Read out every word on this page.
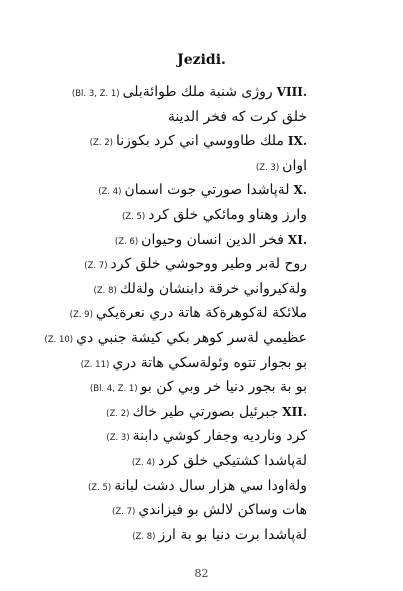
Jezidi.
VIII.روژی شنبة ملك طوائةبلی(Bl. 3, Z. 1)
خلق كرت كه فخر الدينة
IX.ملك طاووسي اني كرد بكوزنا(Z. 2)
اوان(Z. 3)
X.لةپاشدا صورتي جوت اسمان(Z. 4)
وارز وهناو ومائكي خلق كرد(Z. 5)
XI.فخر الدين انسان وحيوان(Z. 6)
روح لةبر وطير ووحوشي خلق كرد(Z. 7)
ولةكيرواني خرقة دابنشان ولةلك(Z. 8)
ملائكة لةكوهرةكة هاتة دري نعرةيكي(Z. 9)
عظيمي لةسر كوهر بكي كيشة جنبي دي(Z. 10)
بو بجوار تتوه وئولةسكي هاتة دري(Z. 11)
بو بة بجور دنيا خر وبي كن بو(Bl. 4, Z. 1)
XII.جبرئيل بصورتي طير خاك(Z. 2)
كرد ونارديه وجفار كوشي دابنة(Z. 3)
لةپاشدا كشتيكي خلق كرد(Z. 4)
ولةاودا سي هزار سال دشت لبانة(Z. 5)
هات وساكن لالش بو فيزاندي(Z. 7)
لةپاشدا برت دنيا بو بة ارز(Z. 8)
82
